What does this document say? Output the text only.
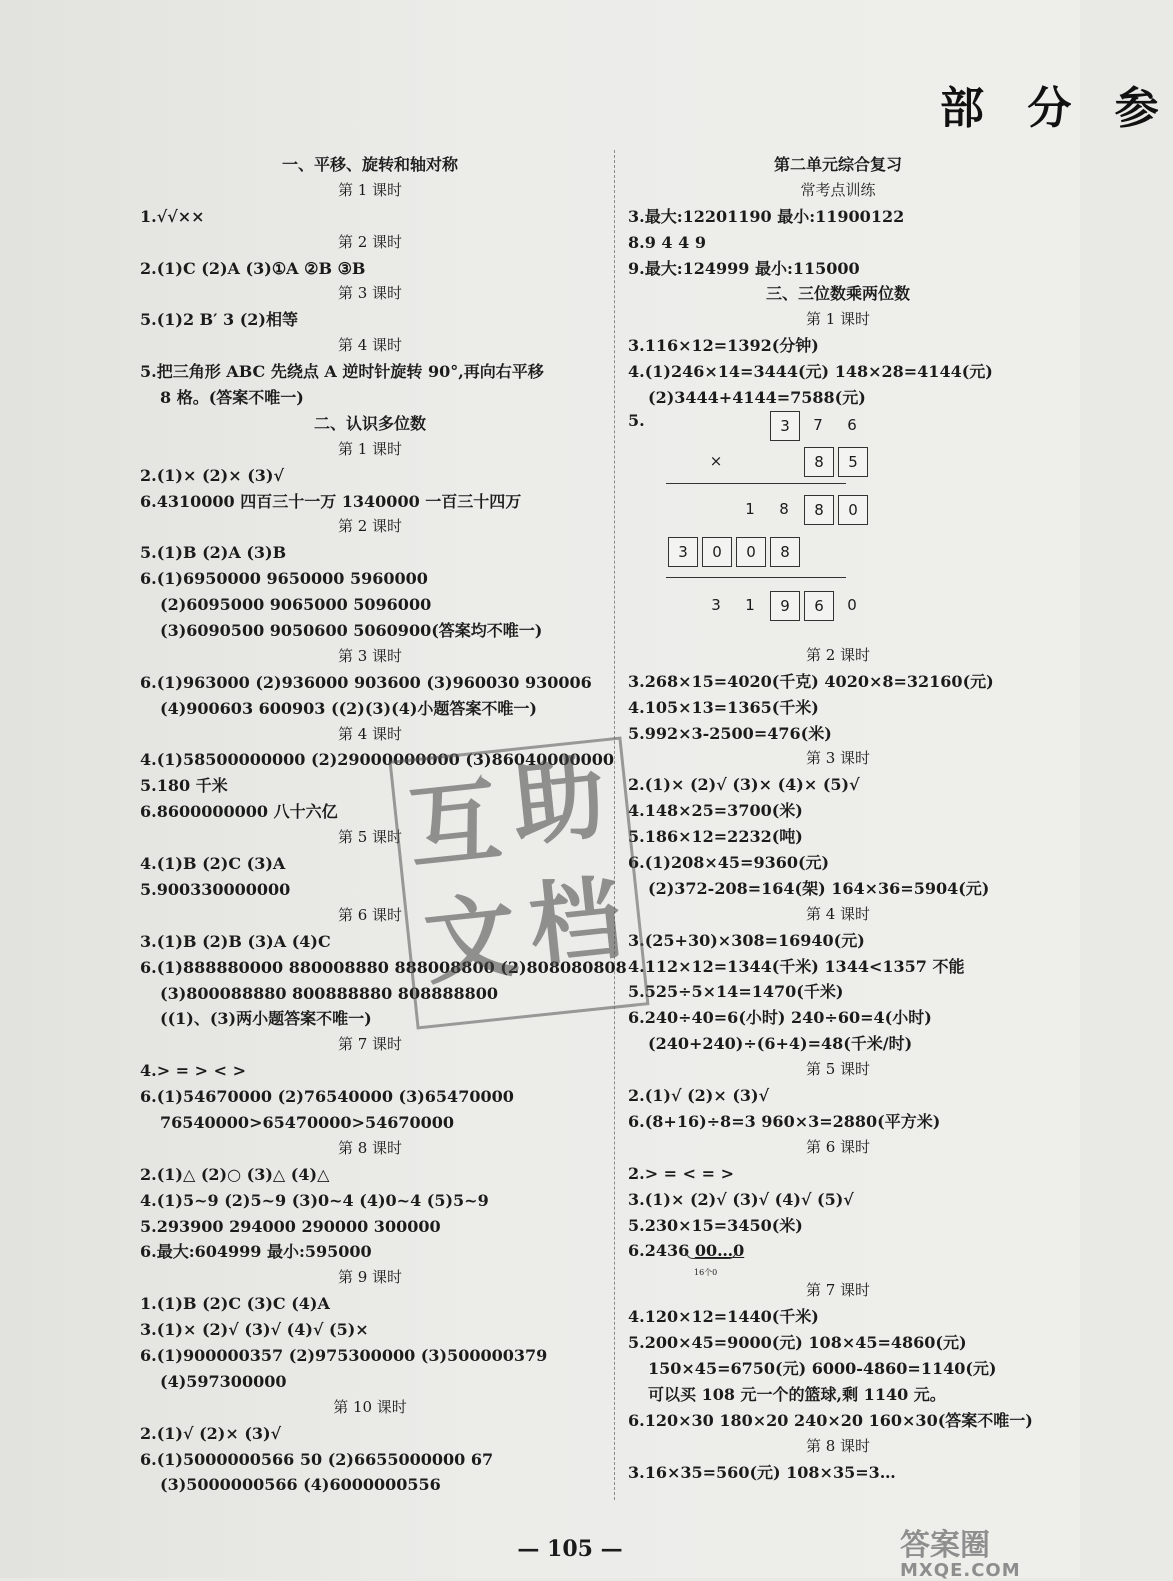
部 分 参
一、平移、旋转和轴对称
第 1 课时
1.√√××
第 2 课时
2.(1)C (2)A (3)①A ②B ③B
第 3 课时
5.(1)2 B′ 3 (2)相等
第 4 课时
5.把三角形 ABC 先绕点 A 逆时针旋转 90°,再向右平移
8 格。(答案不唯一)
二、认识多位数
第 1 课时
2.(1)× (2)× (3)√
6.4310000 四百三十一万 1340000 一百三十四万
第 2 课时
5.(1)B (2)A (3)B
6.(1)6950000 9650000 5960000
(2)6095000 9065000 5096000
(3)6090500 9050600 5060900(答案均不唯一)
第 3 课时
6.(1)963000 (2)936000 903600 (3)960030 930006
(4)900603 600903 ((2)(3)(4)小题答案不唯一)
第 4 课时
4.(1)58500000000 (2)29000000000 (3)86040000000
5.180 千米
6.8600000000 八十六亿
第 5 课时
4.(1)B (2)C (3)A
5.900330000000
第 6 课时
3.(1)B (2)B (3)A (4)C
6.(1)888880000 880008880 888008800 (2)808080808
(3)800088880 800888880 808888800
((1)、(3)两小题答案不唯一)
第 7 课时
4.> = > < >
6.(1)54670000 (2)76540000 (3)65470000
76540000>65470000>54670000
第 8 课时
2.(1)△ (2)○ (3)△ (4)△
4.(1)5~9 (2)5~9 (3)0~4 (4)0~4 (5)5~9
5.293900 294000 290000 300000
6.最大:604999 最小:595000
第 9 课时
1.(1)B (2)C (3)C (4)A
3.(1)× (2)√ (3)√ (4)√ (5)×
6.(1)900000357 (2)975300000 (3)500000379
(4)597300000
第 10 课时
2.(1)√ (2)× (3)√
6.(1)5000000566 50 (2)6655000000 67
(3)5000000566 (4)6000000556
第二单元综合复习
常考点训练
3.最大:12201190 最小:11900122
8.9 4 4 9
9.最大:124999 最小:115000
三、三位数乘两位数
第 1 课时
3.116×12=1392(分钟)
4.(1)246×14=3444(元) 148×28=4144(元)
(2)3444+4144=7588(元)
5.	3	7	6
×	8	5
1	8	8	0
3	0	0	8
3	1	9	6	0
第 2 课时
3.268×15=4020(千克) 4020×8=32160(元)
4.105×13=1365(千米)
5.992×3-2500=476(米)
第 3 课时
2.(1)× (2)√ (3)× (4)× (5)√
4.148×25=3700(米)
5.186×12=2232(吨)
6.(1)208×45=9360(元)
(2)372-208=164(架) 164×36=5904(元)
第 4 课时
3.(25+30)×308=16940(元)
4.112×12=1344(千米) 1344<1357 不能
5.525÷5×14=1470(千米)
6.240÷40=6(小时) 240÷60=4(小时)
(240+240)÷(6+4)=48(千米/时)
第 5 课时
2.(1)√ (2)× (3)√
6.(8+16)÷8=3 960×3=2880(平方米)
第 6 课时
2.> = < = >
3.(1)× (2)√ (3)√ (4)√ (5)√
5.230×15=3450(米)
6.2436 00…0
16个0
第 7 课时
4.120×12=1440(千米)
5.200×45=9000(元) 108×45=4860(元)
150×45=6750(元) 6000-4860=1140(元)
可以买 108 元一个的篮球,剩 1140 元。
6.120×30 180×20 240×20 160×30(答案不唯一)
第 8 课时
3.16×35=560(元) 108×35=3…
互 助
文 档
— 105 —	答案圈
MXQE.COM
